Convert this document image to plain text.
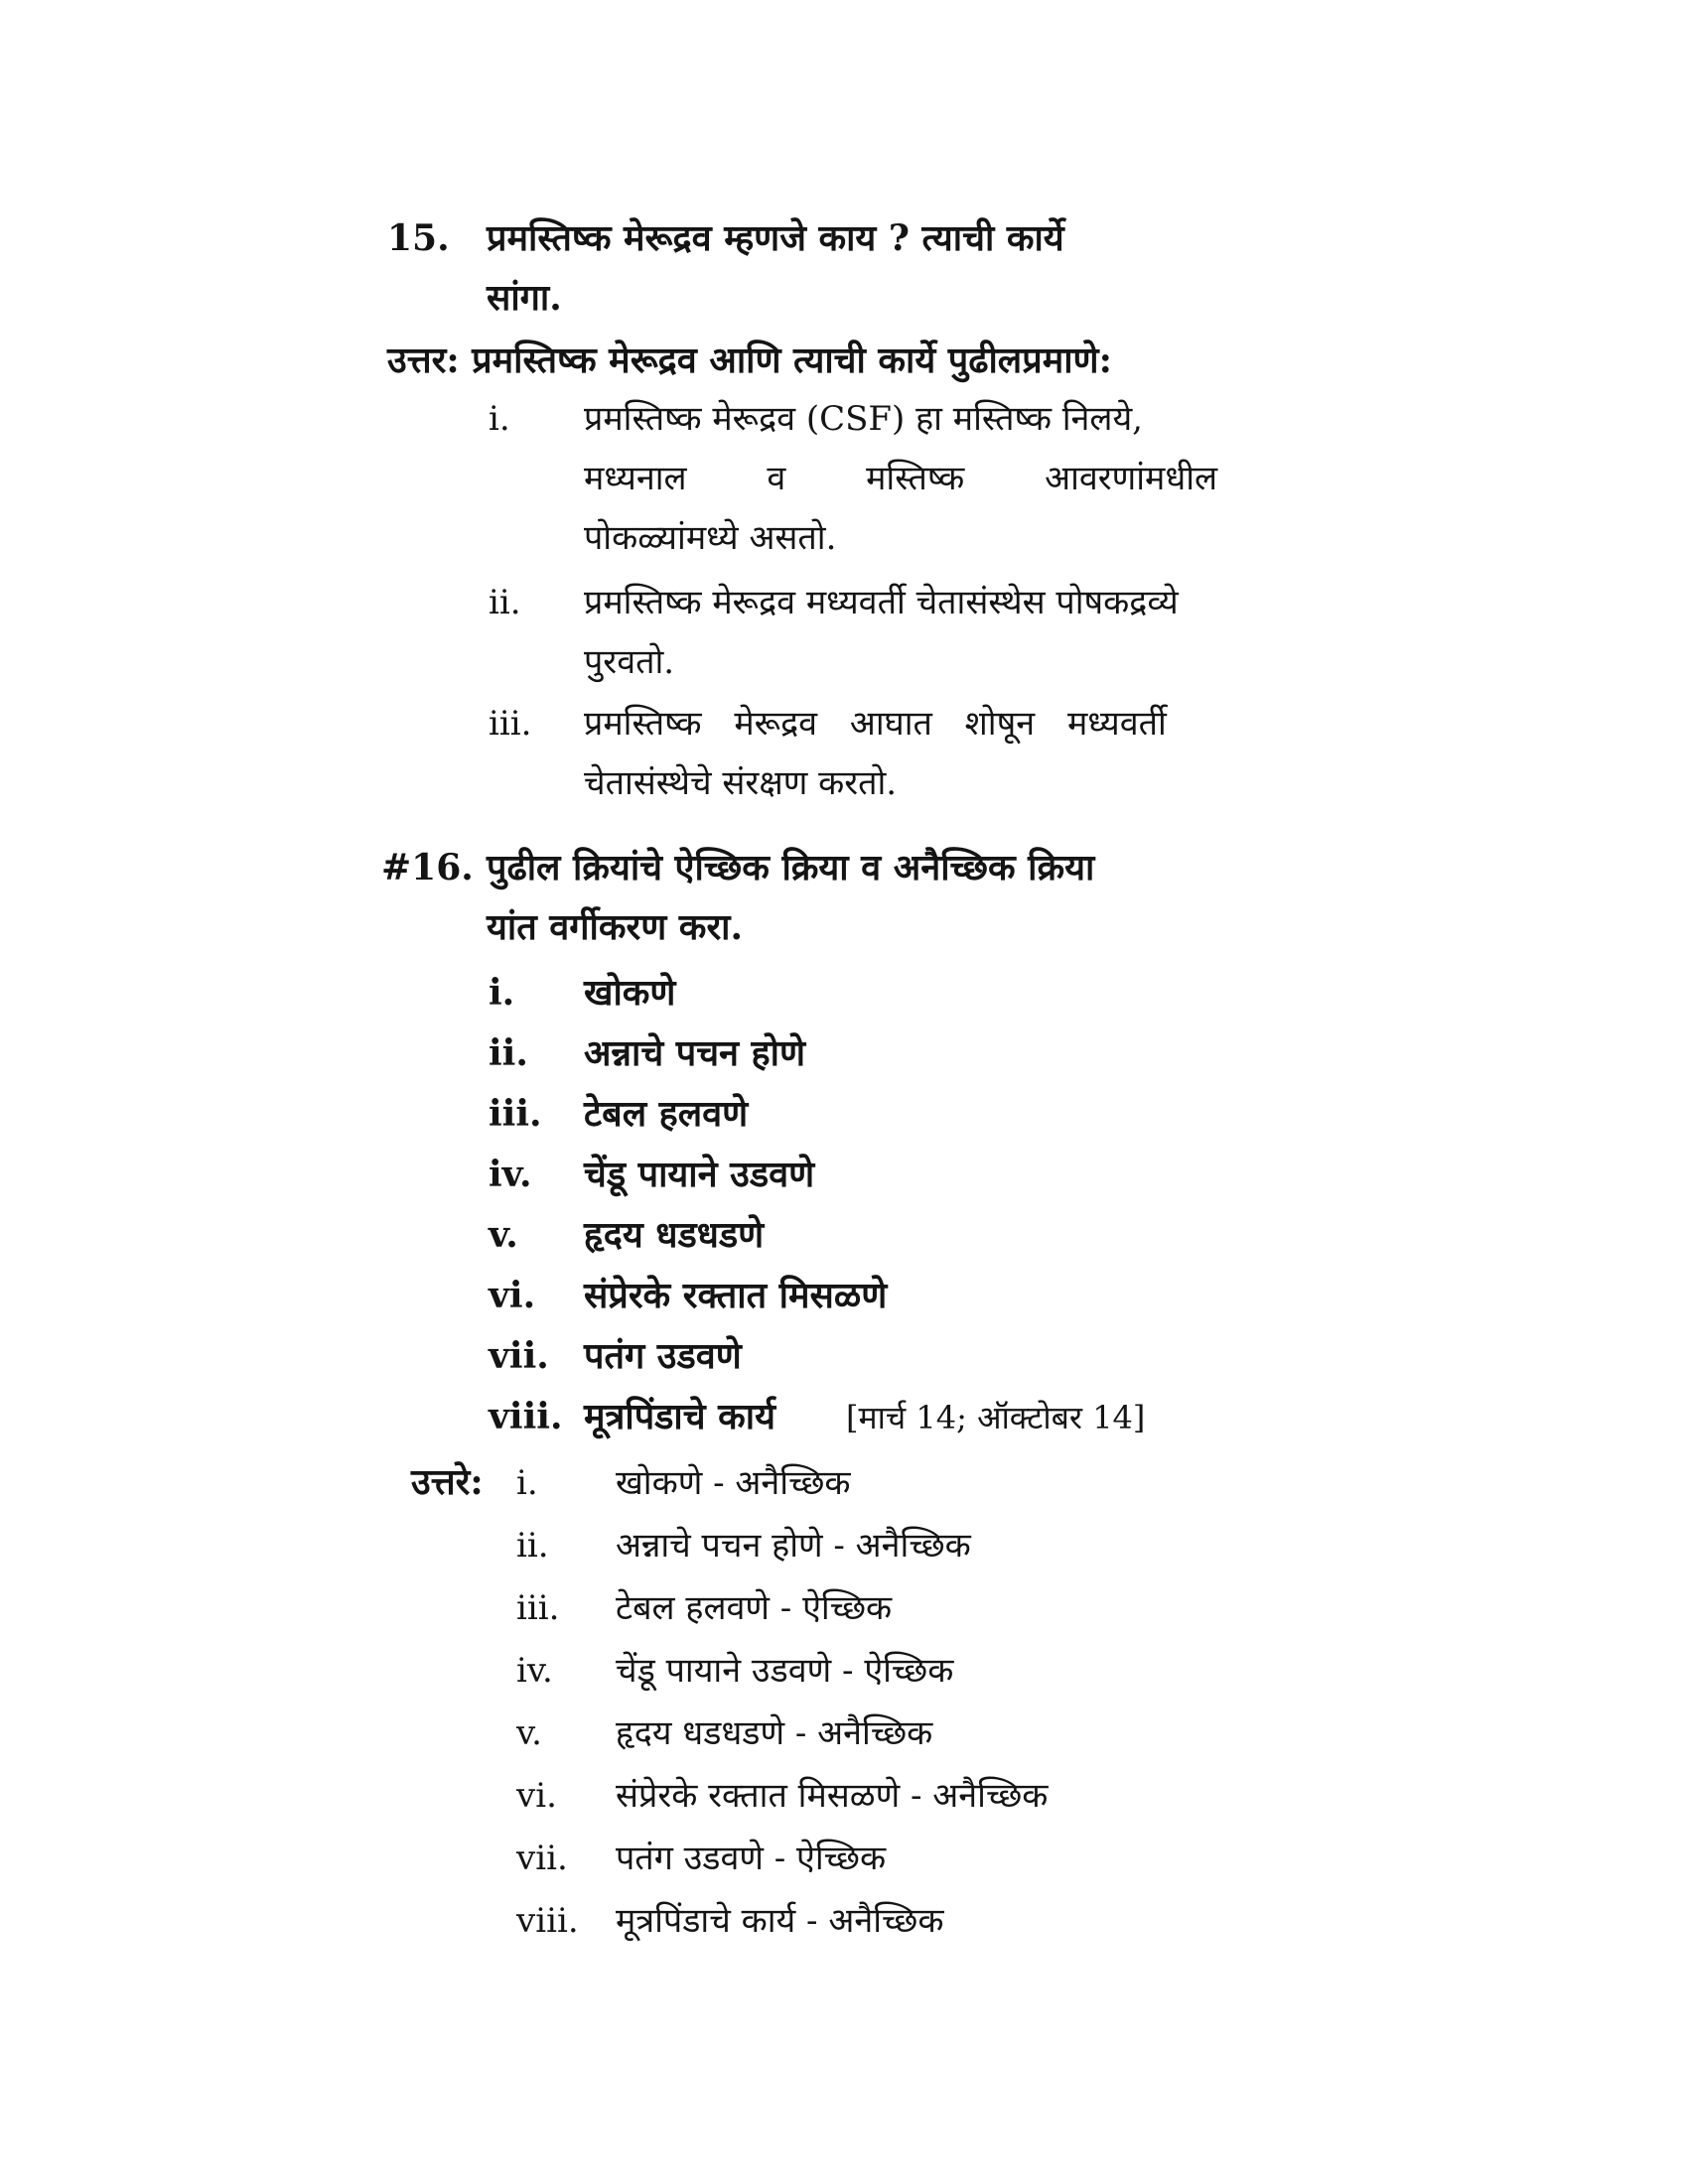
15. प्रमस्तिष्क मेरूद्रव म्हणजे काय ? त्याची कार्ये
सांगा.
उत्तर: प्रमस्तिष्क मेरूद्रव आणि त्याची कार्ये पुढीलप्रमाणे:
i. प्रमस्तिष्क मेरूद्रव (CSF) हा मस्तिष्क निलये,
मध्यनाल व मस्तिष्क आवरणांमधील
पोकळ्यांमध्ये असतो.
ii. प्रमस्तिष्क मेरूद्रव मध्यवर्ती चेतासंस्थेस पोषकद्रव्ये
पुरवतो.
iii. प्रमस्तिष्क मेरूद्रव आघात शोषून मध्यवर्ती
चेतासंस्थेचे संरक्षण करतो.
#16. पुढील क्रियांचे ऐच्छिक क्रिया व अनैच्छिक क्रिया
यांत वर्गीकरण करा.
i. खोकणे
ii. अन्नाचे पचन होणे
iii. टेबल हलवणे
iv. चेंडू पायाने उडवणे
v. हृदय धडधडणे
vi. संप्रेरके रक्तात मिसळणे
vii. पतंग उडवणे
viii. मूत्रपिंडाचे कार्य [मार्च 14; ऑक्टोबर 14]
उत्तरे: i. खोकणे - अनैच्छिक
ii. अन्नाचे पचन होणे - अनैच्छिक
iii. टेबल हलवणे - ऐच्छिक
iv. चेंडू पायाने उडवणे - ऐच्छिक
v. हृदय धडधडणे - अनैच्छिक
vi. संप्रेरके रक्तात मिसळणे - अनैच्छिक
vii. पतंग उडवणे - ऐच्छिक
viii. मूत्रपिंडाचे कार्य - अनैच्छिक
